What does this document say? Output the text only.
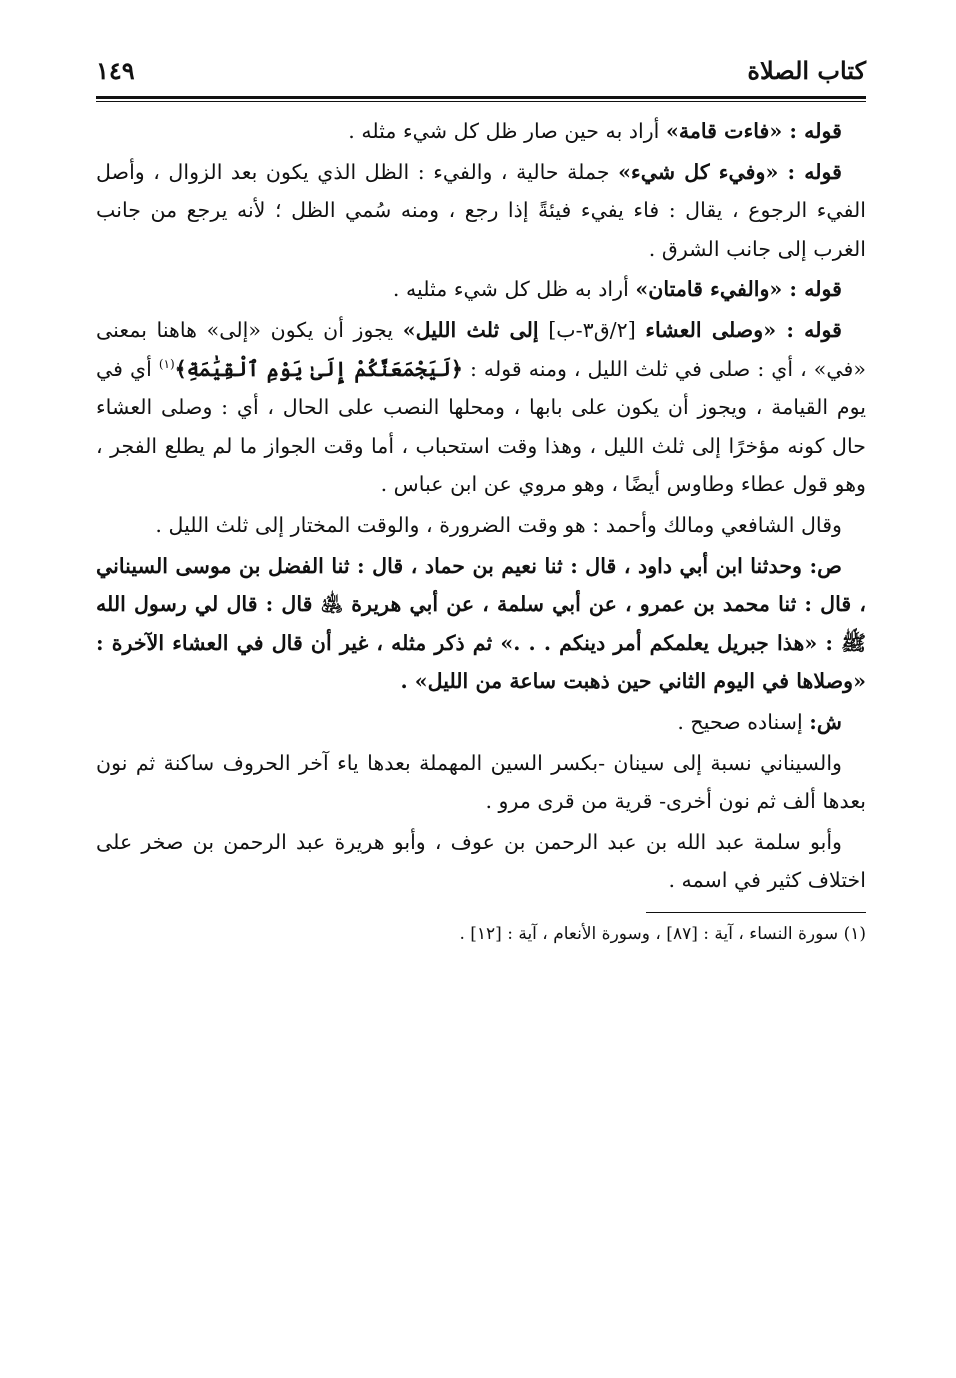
كتاب الصلاة
١٤٩

قوله : «فاءت قامة» أراد به حين صار ظل كل شيء مثله .

قوله : «وفيء كل شيء» جملة حالية ، والفيء : الظل الذي يكون بعد الزوال ، وأصل الفيء الرجوع ، يقال : فاء يفيء فيئةً إذا رجع ، ومنه سُمي الظل ؛ لأنه يرجع من جانب الغرب إلى جانب الشرق .

قوله : «والفيء قامتان» أراد به ظل كل شيء مثليه .

قوله : «وصلى العشاء [٢/ق٣-ب] إلى ثلث الليل» يجوز أن يكون «إلى» هاهنا بمعنى «في» ، أي : صلى في ثلث الليل ، ومنه قوله : ﴿لَيَجْمَعَنَّكُمْ إِلَىٰ يَوْمِ ٱلْقِيَٰمَةِ﴾$^{(١)}$ أي في يوم القيامة ، ويجوز أن يكون على بابها ، ومحلها النصب على الحال ، أي : وصلى العشاء حال كونه مؤخرًا إلى ثلث الليل ، وهذا وقت استحباب ، أما وقت الجواز ما لم يطلع الفجر ، وهو قول عطاء وطاوس أيضًا ، وهو مروي عن ابن عباس .

وقال الشافعي ومالك وأحمد : هو وقت الضرورة ، والوقت المختار إلى ثلث الليل .

ص: وحدثنا ابن أبي داود ، قال : ثنا نعيم بن حماد ، قال : ثنا الفضل بن موسى السيناني ، قال : ثنا محمد بن عمرو ، عن أبي سلمة ، عن أبي هريرة ﵁ قال : قال لي رسول الله ﷺ : «هذا جبريل يعلمكم أمر دينكم . . .» ثم ذكر مثله ، غير أن قال في العشاء الآخرة : «وصلاها في اليوم الثاني حين ذهبت ساعة من الليل» .

ش: إسناده صحيح .

والسيناني نسبة إلى سينان -بكسر السين المهملة بعدها ياء آخر الحروف ساكنة ثم نون بعدها ألف ثم نون أخرى- قرية من قرى مرو .

وأبو سلمة عبد الله بن عبد الرحمن بن عوف ، وأبو هريرة عبد الرحمن بن صخر على اختلاف كثير في اسمه .

(١) سورة النساء ، آية : [٨٧] ، وسورة الأنعام ، آية : [١٢] .
